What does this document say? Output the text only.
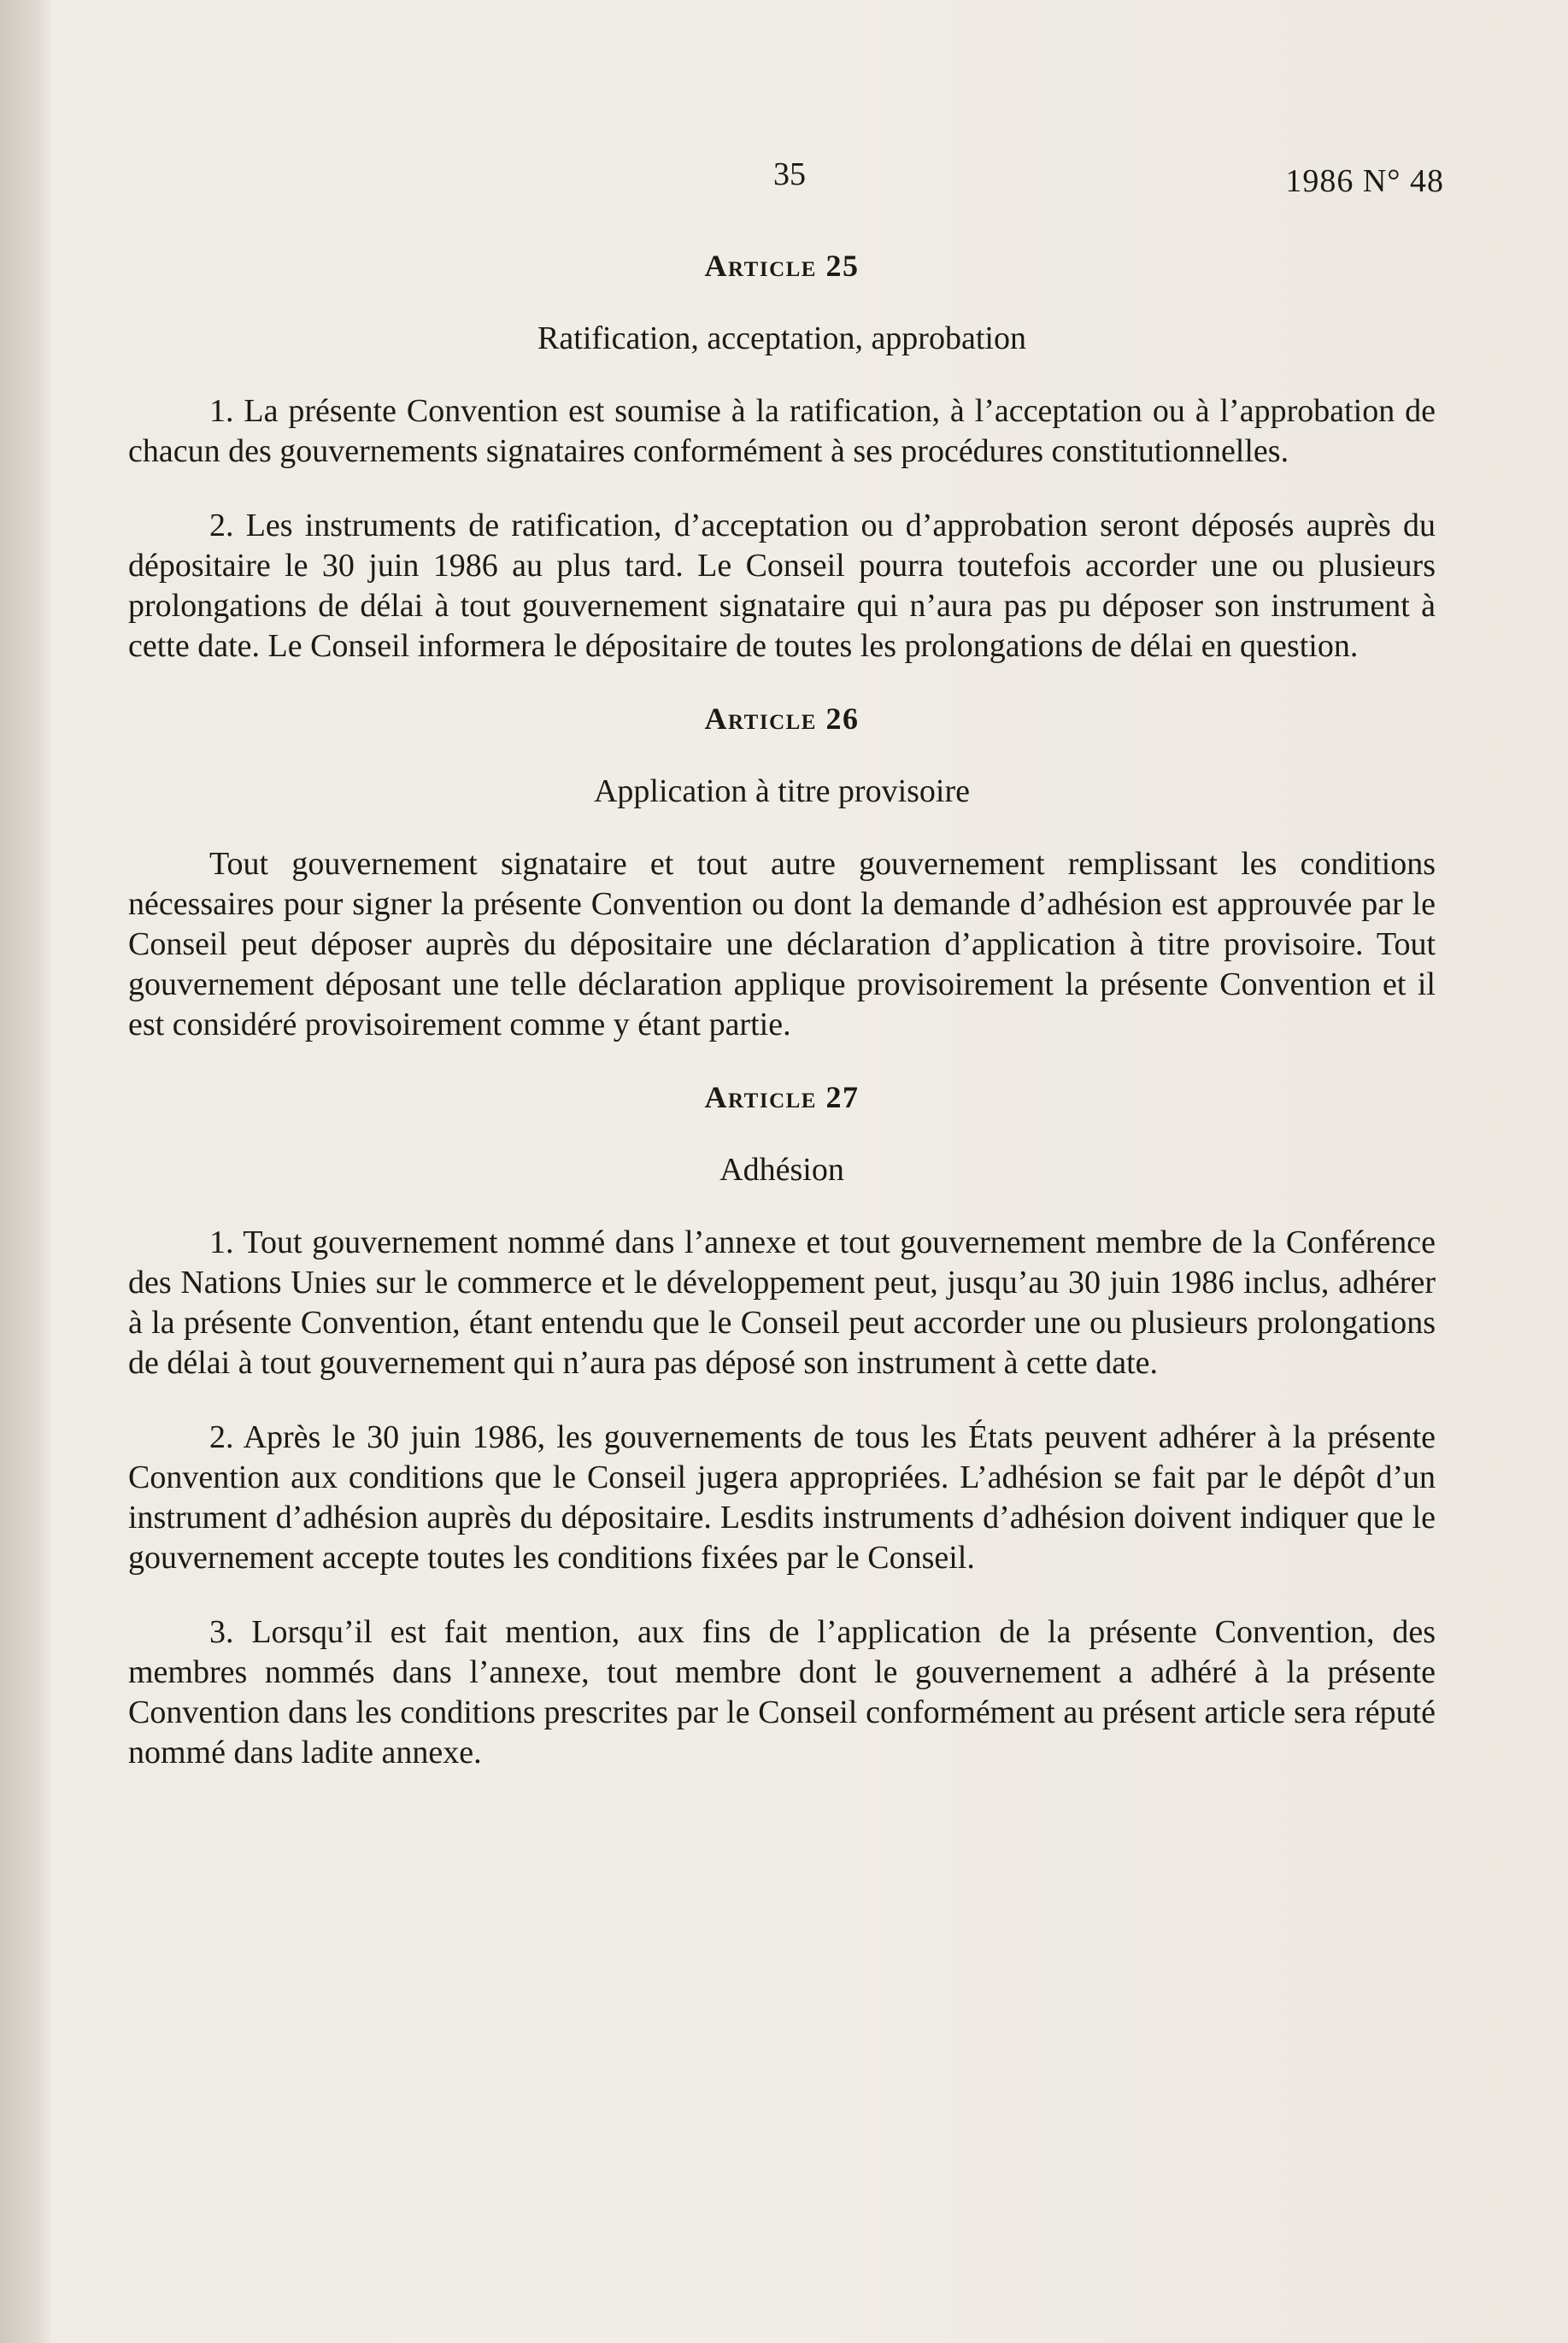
35	1986 N° 48
Article 25
Ratification, acceptation, approbation

1. La présente Convention est soumise à la ratification, à l’acceptation ou à l’approbation de chacun des gouvernements signataires conformément à ses procédures constitutionnelles.

2. Les instruments de ratification, d’acceptation ou d’approbation seront déposés auprès du dépositaire le 30 juin 1986 au plus tard. Le Conseil pourra toutefois accorder une ou plusieurs prolongations de délai à tout gouvernement signataire qui n’aura pas pu déposer son instrument à cette date. Le Conseil informera le dépositaire de toutes les prolongations de délai en question.

Article 26
Application à titre provisoire

Tout gouvernement signataire et tout autre gouvernement remplissant les conditions nécessaires pour signer la présente Convention ou dont la demande d’adhésion est approuvée par le Conseil peut déposer auprès du dépositaire une déclaration d’application à titre provisoire. Tout gouvernement déposant une telle déclaration applique provisoirement la présente Convention et il est considéré provisoirement comme y étant partie.

Article 27
Adhésion

1. Tout gouvernement nommé dans l’annexe et tout gouvernement membre de la Conférence des Nations Unies sur le commerce et le développement peut, jusqu’au 30 juin 1986 inclus, adhérer à la présente Convention, étant entendu que le Conseil peut accorder une ou plusieurs prolongations de délai à tout gouvernement qui n’aura pas déposé son instrument à cette date.

2. Après le 30 juin 1986, les gouvernements de tous les États peuvent adhérer à la présente Convention aux conditions que le Conseil jugera appropriées. L’adhésion se fait par le dépôt d’un instrument d’adhésion auprès du dépositaire. Lesdits instruments d’adhésion doivent indiquer que le gouvernement accepte toutes les conditions fixées par le Conseil.

3. Lorsqu’il est fait mention, aux fins de l’application de la présente Convention, des membres nommés dans l’annexe, tout membre dont le gouvernement a adhéré à la présente Convention dans les conditions prescrites par le Conseil conformément au présent article sera réputé nommé dans ladite annexe.
